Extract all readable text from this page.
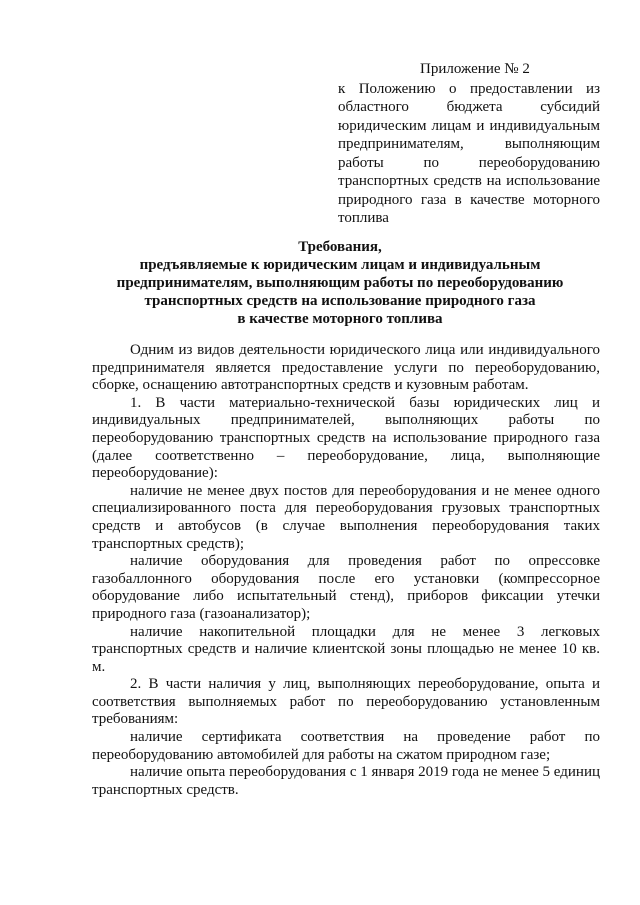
Приложение № 2
к Положению о предоставлении из областного бюджета субсидий юридическим лицам и индивидуальным предпринимателям, выполняющим работы по переоборудованию транспортных средств на использование природного газа в качестве моторного топлива
Требования,
предъявляемые к юридическим лицам и индивидуальным
предпринимателям, выполняющим работы по переоборудованию
транспортных средств на использование природного газа
в качестве моторного топлива

Одним из видов деятельности юридического лица или индивидуального предпринимателя является предоставление услуги по переоборудованию, сборке, оснащению автотранспортных средств и кузовным работам.

1. В части материально-технической базы юридических лиц и индивидуальных предпринимателей, выполняющих работы по переоборудованию транспортных средств на использование природного газа (далее соответственно – переоборудование, лица, выполняющие переоборудование):

наличие не менее двух постов для переоборудования и не менее одного специализированного поста для переоборудования грузовых транспортных средств и автобусов (в случае выполнения переоборудования таких транспортных средств);

наличие оборудования для проведения работ по опрессовке газобаллонного оборудования после его установки (компрессорное оборудование либо испытательный стенд), приборов фиксации утечки природного газа (газоанализатор);

наличие накопительной площадки для не менее 3 легковых транспортных средств и наличие клиентской зоны площадью не менее 10 кв. м.

2. В части наличия у лиц, выполняющих переоборудование, опыта и соответствия выполняемых работ по переоборудованию установленным требованиям:

наличие сертификата соответствия на проведение работ по переоборудованию автомобилей для работы на сжатом природном газе;

наличие опыта переоборудования с 1 января 2019 года не менее 5 единиц транспортных средств.
